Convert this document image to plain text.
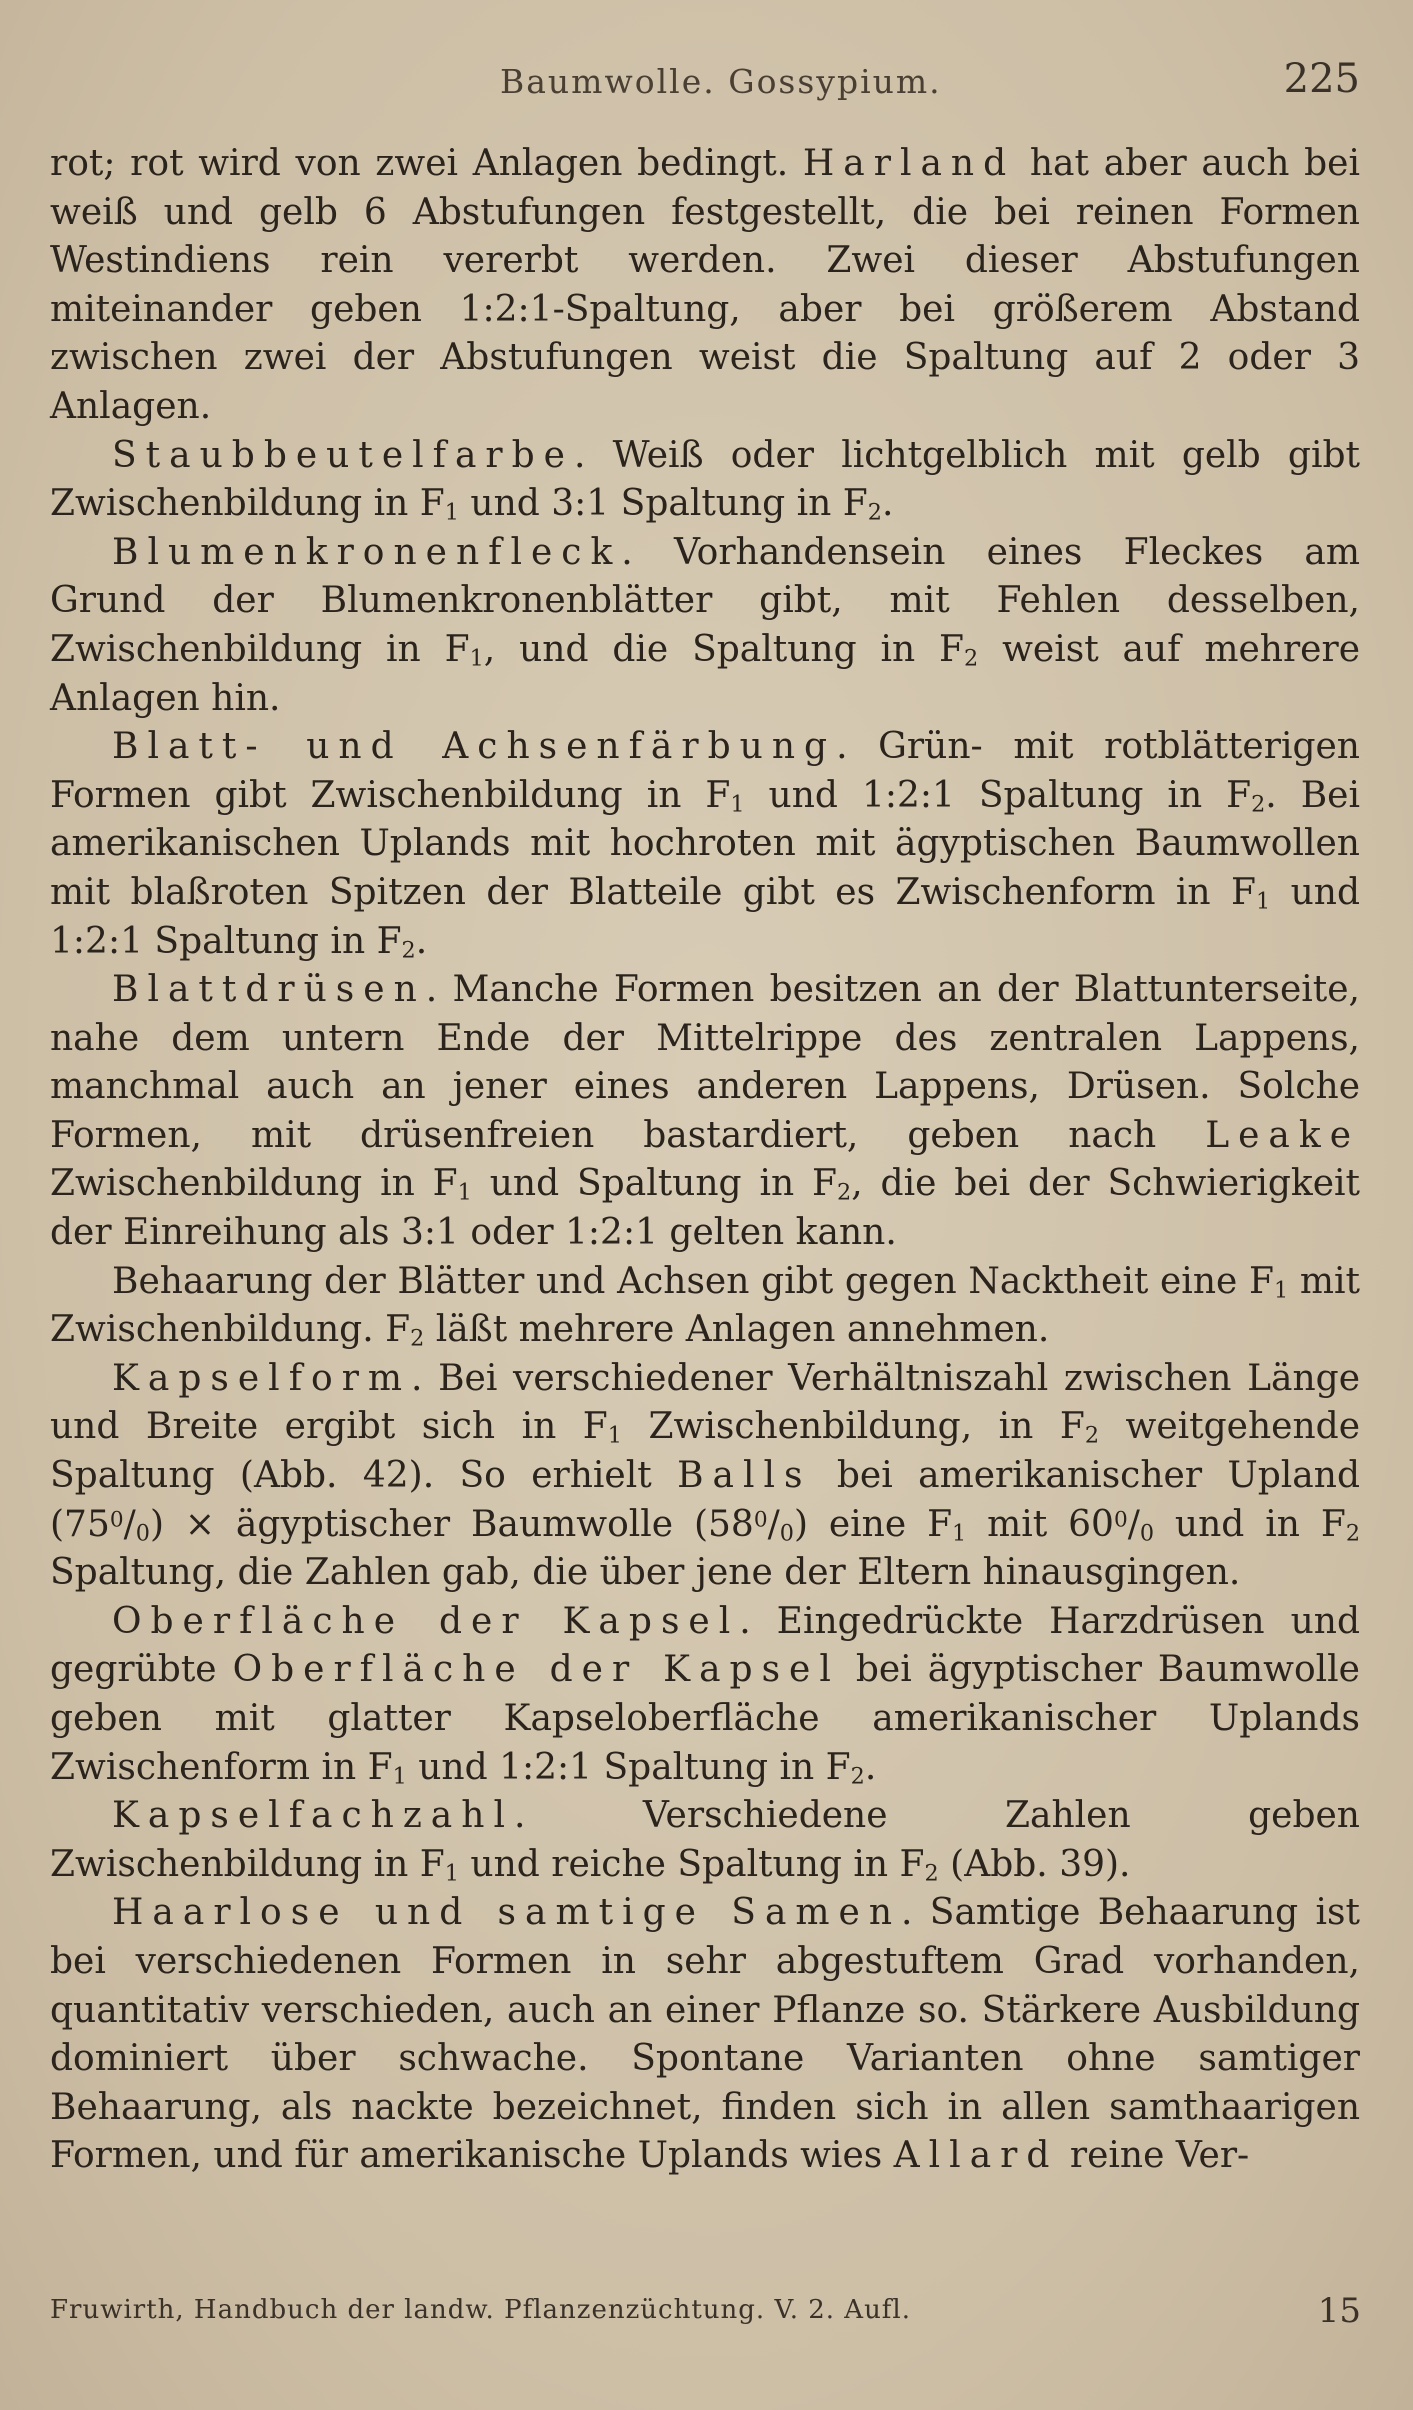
Baumwolle. Gossypium.	225

rot; rot wird von zwei Anlagen bedingt. Harland hat aber auch bei weiß und gelb 6 Abstufungen festgestellt, die bei reinen Formen Westindiens rein vererbt werden. Zwei dieser Abstufungen miteinander geben 1:2:1-Spaltung, aber bei größerem Abstand zwischen zwei der Abstufungen weist die Spaltung auf 2 oder 3 Anlagen.

Staubbeutelfarbe. Weiß oder lichtgelblich mit gelb gibt Zwischenbildung in $F_1$ und 3:1 Spaltung in $F_2$.

Blumenkronenfleck. Vorhandensein eines Fleckes am Grund der Blumenkronenblätter gibt, mit Fehlen desselben, Zwischenbildung in $F_1$, und die Spaltung in $F_2$ weist auf mehrere Anlagen hin.

Blatt- und Achsenfärbung. Grün- mit rotblätterigen Formen gibt Zwischenbildung in $F_1$ und 1:2:1 Spaltung in $F_2$. Bei amerikanischen Uplands mit hochroten mit ägyptischen Baumwollen mit blaßroten Spitzen der Blatteile gibt es Zwischenform in $F_1$ und 1:2:1 Spaltung in $F_2$.

Blattdrüsen. Manche Formen besitzen an der Blattunterseite, nahe dem untern Ende der Mittelrippe des zentralen Lappens, manchmal auch an jener eines anderen Lappens, Drüsen. Solche Formen, mit drüsenfreien bastardiert, geben nach Leake Zwischenbildung in $F_1$ und Spaltung in $F_2$, die bei der Schwierigkeit der Einreihung als 3:1 oder 1:2:1 gelten kann.

Behaarung der Blätter und Achsen gibt gegen Nacktheit eine $F_1$ mit Zwischenbildung. $F_2$ läßt mehrere Anlagen annehmen.

Kapselform. Bei verschiedener Verhältniszahl zwischen Länge und Breite ergibt sich in $F_1$ Zwischenbildung, in $F_2$ weitgehende Spaltung (Abb. 42). So erhielt Balls bei amerikanischer Upland $(75^0/_0)$ × ägyptischer Baumwolle $(58^0/_0)$ eine $F_1$ mit $60^0/_0$ und in $F_2$ Spaltung, die Zahlen gab, die über jene der Eltern hinausgingen.

Oberfläche der Kapsel. Eingedrückte Harzdrüsen und gegrübte Oberfläche der Kapsel bei ägyptischer Baumwolle geben mit glatter Kapseloberfläche amerikanischer Uplands Zwischenform in $F_1$ und 1:2:1 Spaltung in $F_2$.

Kapselfachzahl. Verschiedene Zahlen geben Zwischenbildung in $F_1$ und reiche Spaltung in $F_2$ (Abb. 39).

Haarlose und samtige Samen. Samtige Behaarung ist bei verschiedenen Formen in sehr abgestuftem Grad vorhanden, quantitativ verschieden, auch an einer Pflanze so. Stärkere Ausbildung dominiert über schwache. Spontane Varianten ohne samtiger Behaarung, als nackte bezeichnet, finden sich in allen samthaarigen Formen, und für amerikanische Uplands wies Allard reine Ver-

Fruwirth, Handbuch der landw. Pflanzenzüchtung. V. 2. Aufl.	15
